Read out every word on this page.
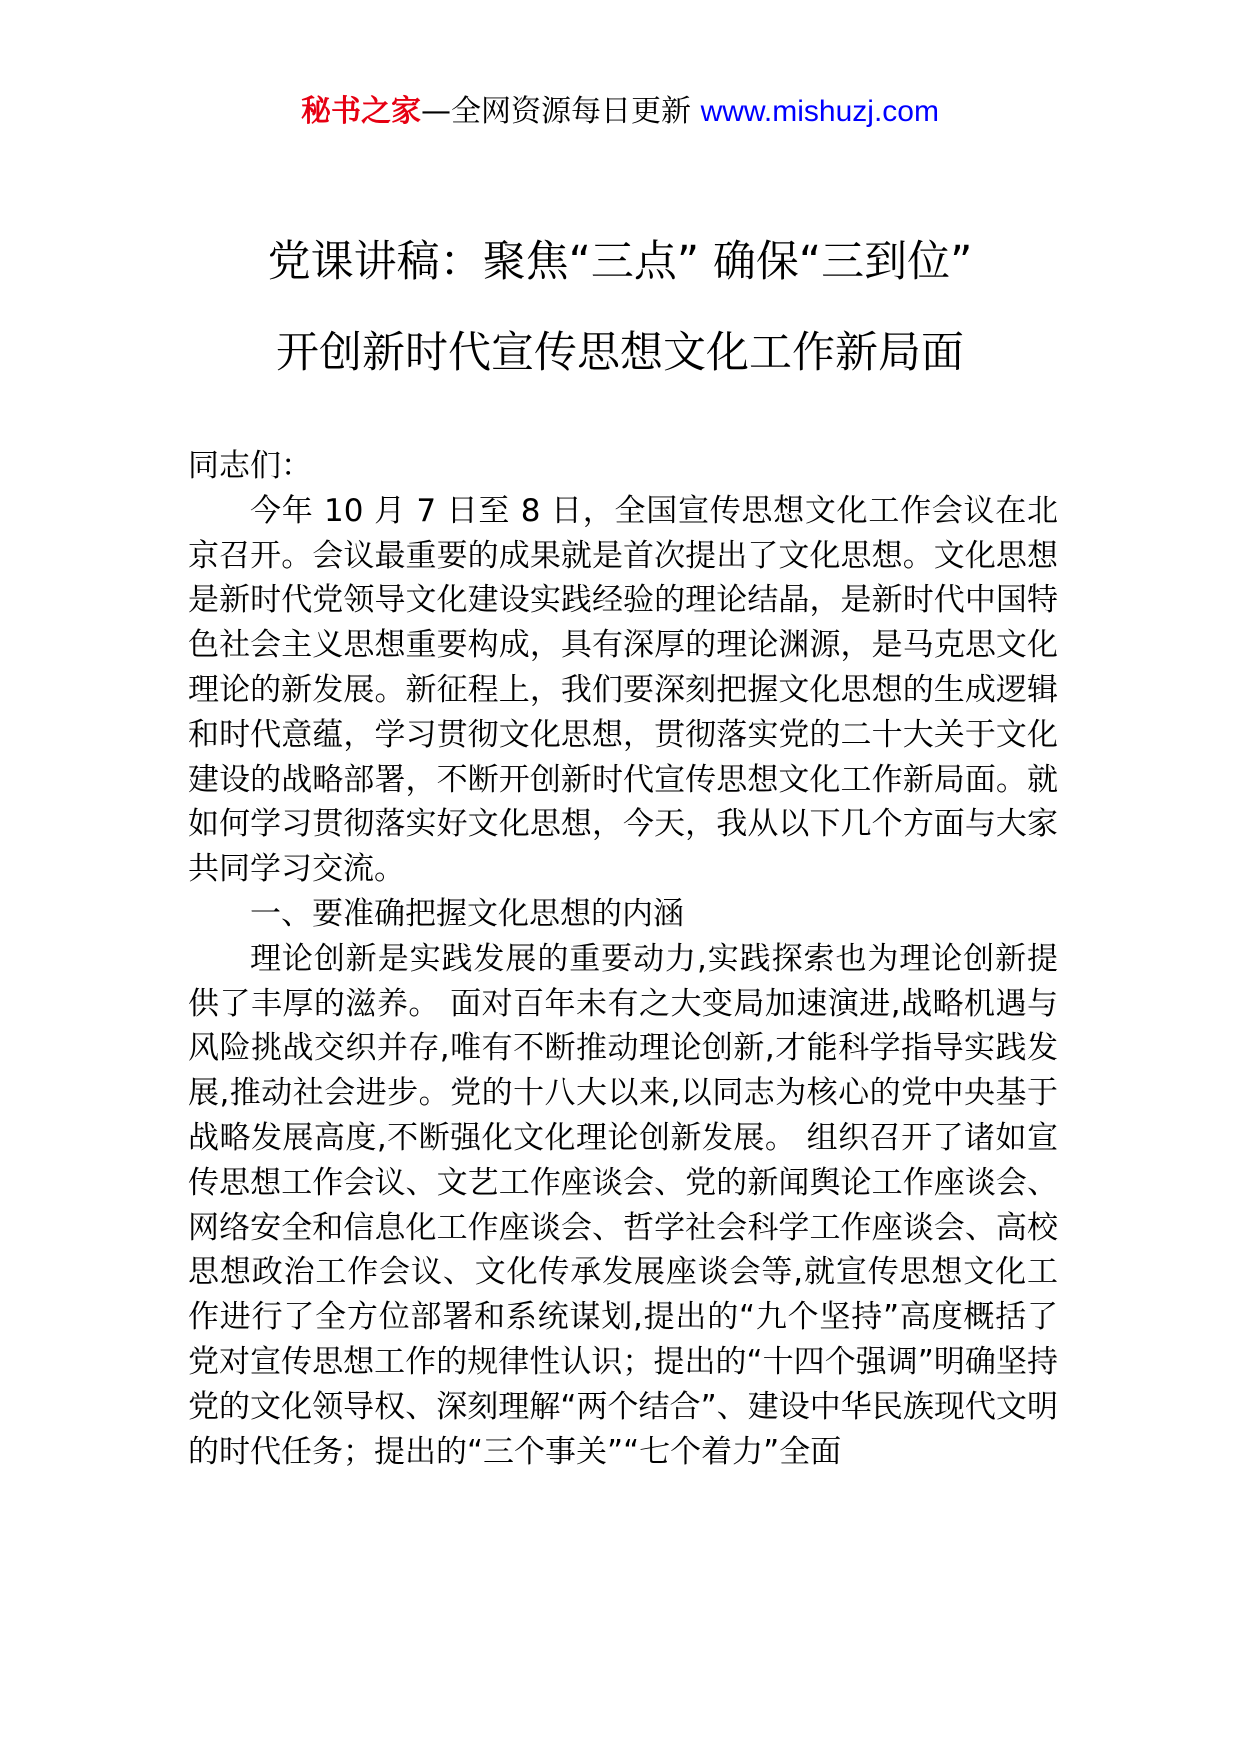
秘书之家—全网资源每日更新 www.mishuzj.com
党课讲稿：聚焦“三点” 确保“三到位”
开创新时代宣传思想文化工作新局面

同志们：

今年 10 月 7 日至 8 日，全国宣传思想文化工作会议在北京召开。会议最重要的成果就是首次提出了文化思想。文化思想是新时代党领导文化建设实践经验的理论结晶，是新时代中国特色社会主义思想重要构成，具有深厚的理论渊源，是马克思文化理论的新发展。新征程上，我们要深刻把握文化思想的生成逻辑和时代意蕴，学习贯彻文化思想，贯彻落实党的二十大关于文化建设的战略部署，不断开创新时代宣传思想文化工作新局面。就如何学习贯彻落实好文化思想，今天，我从以下几个方面与大家共同学习交流。

一、要准确把握文化思想的内涵

理论创新是实践发展的重要动力,实践探索也为理论创新提供了丰厚的滋养。 面对百年未有之大变局加速演进,战略机遇与风险挑战交织并存,唯有不断推动理论创新,才能科学指导实践发展,推动社会进步。党的十八大以来,以同志为核心的党中央基于战略发展高度,不断强化文化理论创新发展。 组织召开了诸如宣传思想工作会议、文艺工作座谈会、党的新闻舆论工作座谈会、网络安全和信息化工作座谈会、哲学社会科学工作座谈会、高校思想政治工作会议、文化传承发展座谈会等,就宣传思想文化工作进行了全方位部署和系统谋划,提出的“九个坚持”高度概括了党对宣传思想工作的规律性认识；提出的“十四个强调”明确坚持党的文化领导权、深刻理解“两个结合”、建设中华民族现代文明的时代任务；提出的“三个事关”“七个着力”全面
